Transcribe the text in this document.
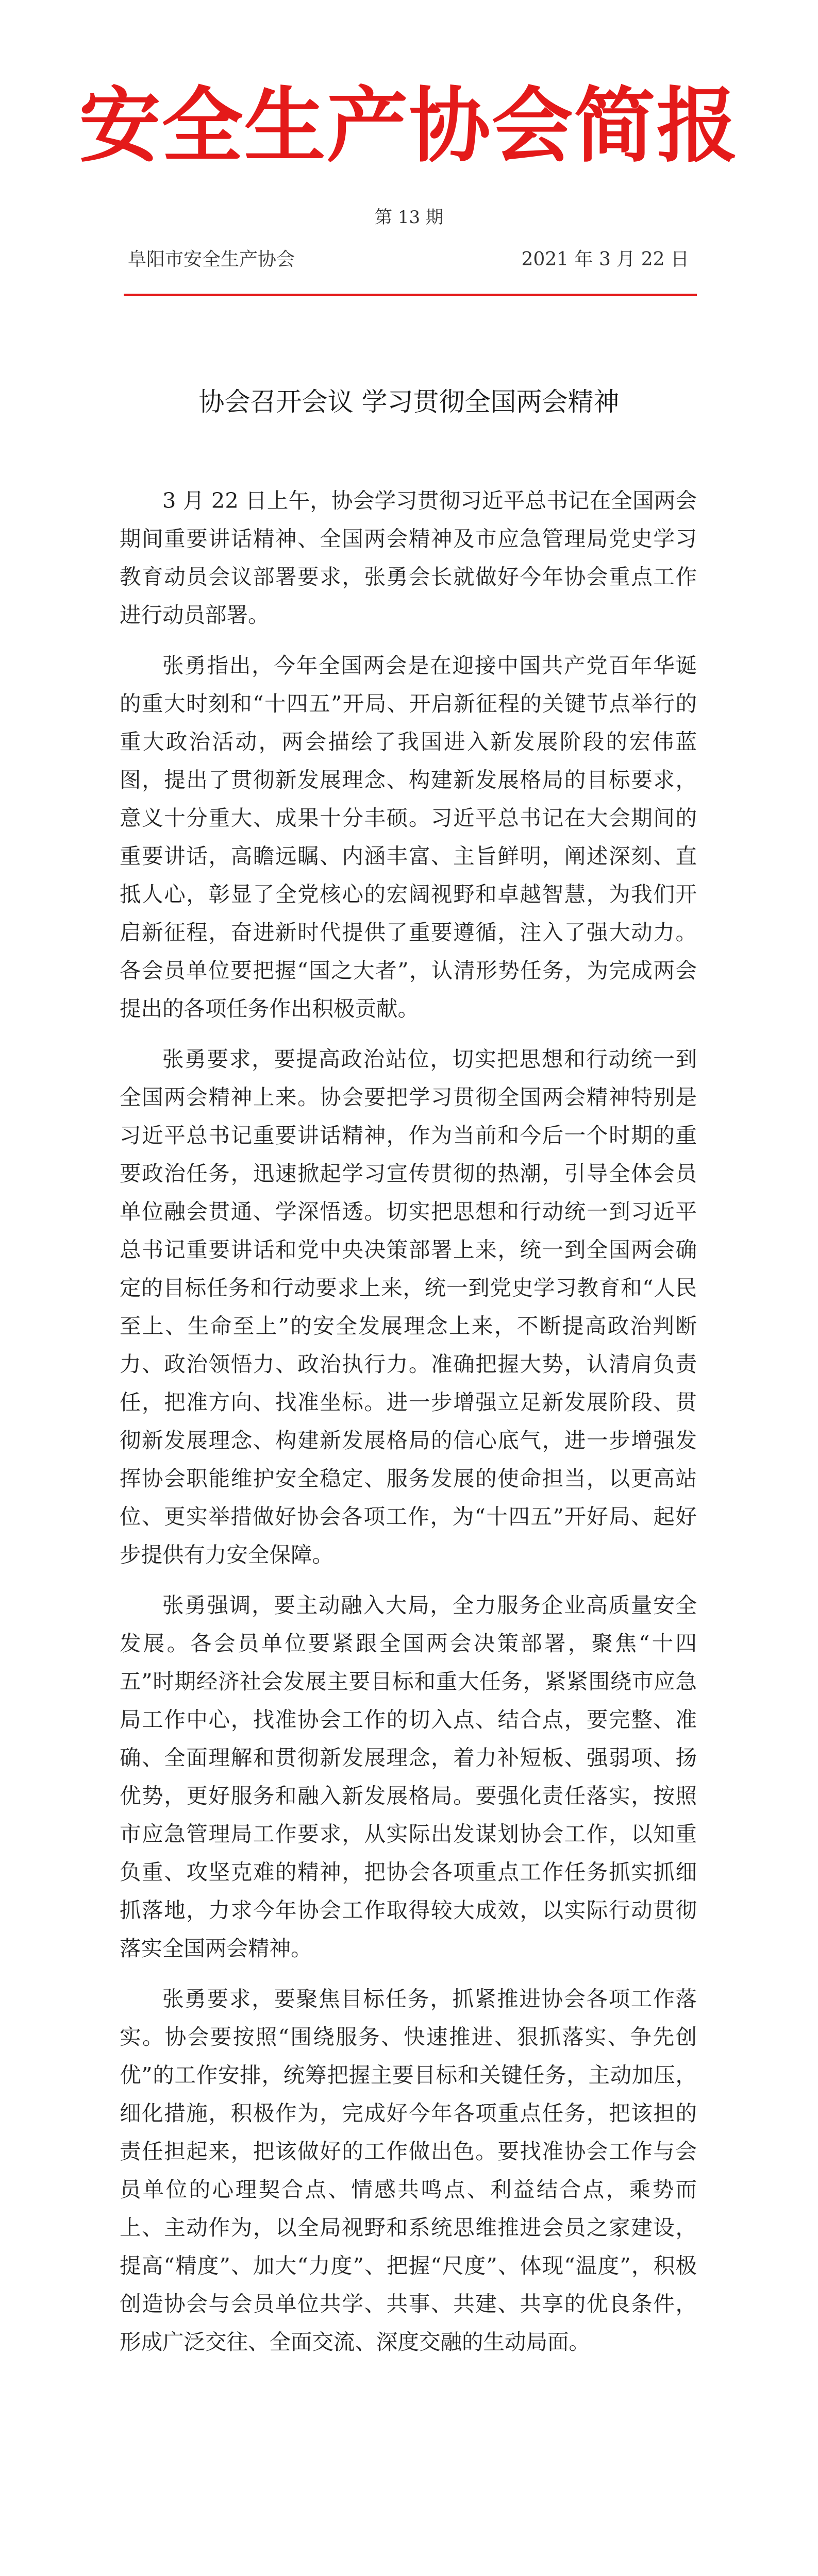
安全生产协会简报
第 13 期
阜阳市安全生产协会	2021 年 3 月 22 日
协会召开会议 学习贯彻全国两会精神

3 月 22 日上午，协会学习贯彻习近平总书记在全国两会期间重要讲话精神、全国两会精神及市应急管理局党史学习教育动员会议部署要求，张勇会长就做好今年协会重点工作进行动员部署。

张勇指出，今年全国两会是在迎接中国共产党百年华诞的重大时刻和“十四五”开局、开启新征程的关键节点举行的重大政治活动，两会描绘了我国进入新发展阶段的宏伟蓝图，提出了贯彻新发展理念、构建新发展格局的目标要求，意义十分重大、成果十分丰硕。习近平总书记在大会期间的重要讲话，高瞻远瞩、内涵丰富、主旨鲜明，阐述深刻、直抵人心，彰显了全党核心的宏阔视野和卓越智慧，为我们开启新征程，奋进新时代提供了重要遵循，注入了强大动力。各会员单位要把握“国之大者”，认清形势任务，为完成两会提出的各项任务作出积极贡献。

张勇要求，要提高政治站位，切实把思想和行动统一到全国两会精神上来。协会要把学习贯彻全国两会精神特别是习近平总书记重要讲话精神，作为当前和今后一个时期的重要政治任务，迅速掀起学习宣传贯彻的热潮，引导全体会员单位融会贯通、学深悟透。切实把思想和行动统一到习近平总书记重要讲话和党中央决策部署上来，统一到全国两会确定的目标任务和行动要求上来，统一到党史学习教育和“人民至上、生命至上”的安全发展理念上来，不断提高政治判断力、政治领悟力、政治执行力。准确把握大势，认清肩负责任，把准方向、找准坐标。进一步增强立足新发展阶段、贯彻新发展理念、构建新发展格局的信心底气，进一步增强发挥协会职能维护安全稳定、服务发展的使命担当，以更高站位、更实举措做好协会各项工作，为“十四五”开好局、起好步提供有力安全保障。

张勇强调，要主动融入大局，全力服务企业高质量安全发展。各会员单位要紧跟全国两会决策部署，聚焦“十四五”时期经济社会发展主要目标和重大任务，紧紧围绕市应急局工作中心，找准协会工作的切入点、结合点，要完整、准确、全面理解和贯彻新发展理念，着力补短板、强弱项、扬优势，更好服务和融入新发展格局。要强化责任落实，按照市应急管理局工作要求，从实际出发谋划协会工作，以知重负重、攻坚克难的精神，把协会各项重点工作任务抓实抓细抓落地，力求今年协会工作取得较大成效，以实际行动贯彻落实全国两会精神。

张勇要求，要聚焦目标任务，抓紧推进协会各项工作落实。协会要按照“围绕服务、快速推进、狠抓落实、争先创优”的工作安排，统筹把握主要目标和关键任务，主动加压，细化措施，积极作为，完成好今年各项重点任务，把该担的责任担起来，把该做好的工作做出色。要找准协会工作与会员单位的心理契合点、情感共鸣点、利益结合点，乘势而上、主动作为，以全局视野和系统思维推进会员之家建设，提高“精度”、加大“力度”、把握“尺度”、体现“温度”，积极创造协会与会员单位共学、共事、共建、共享的优良条件，形成广泛交往、全面交流、深度交融的生动局面。
